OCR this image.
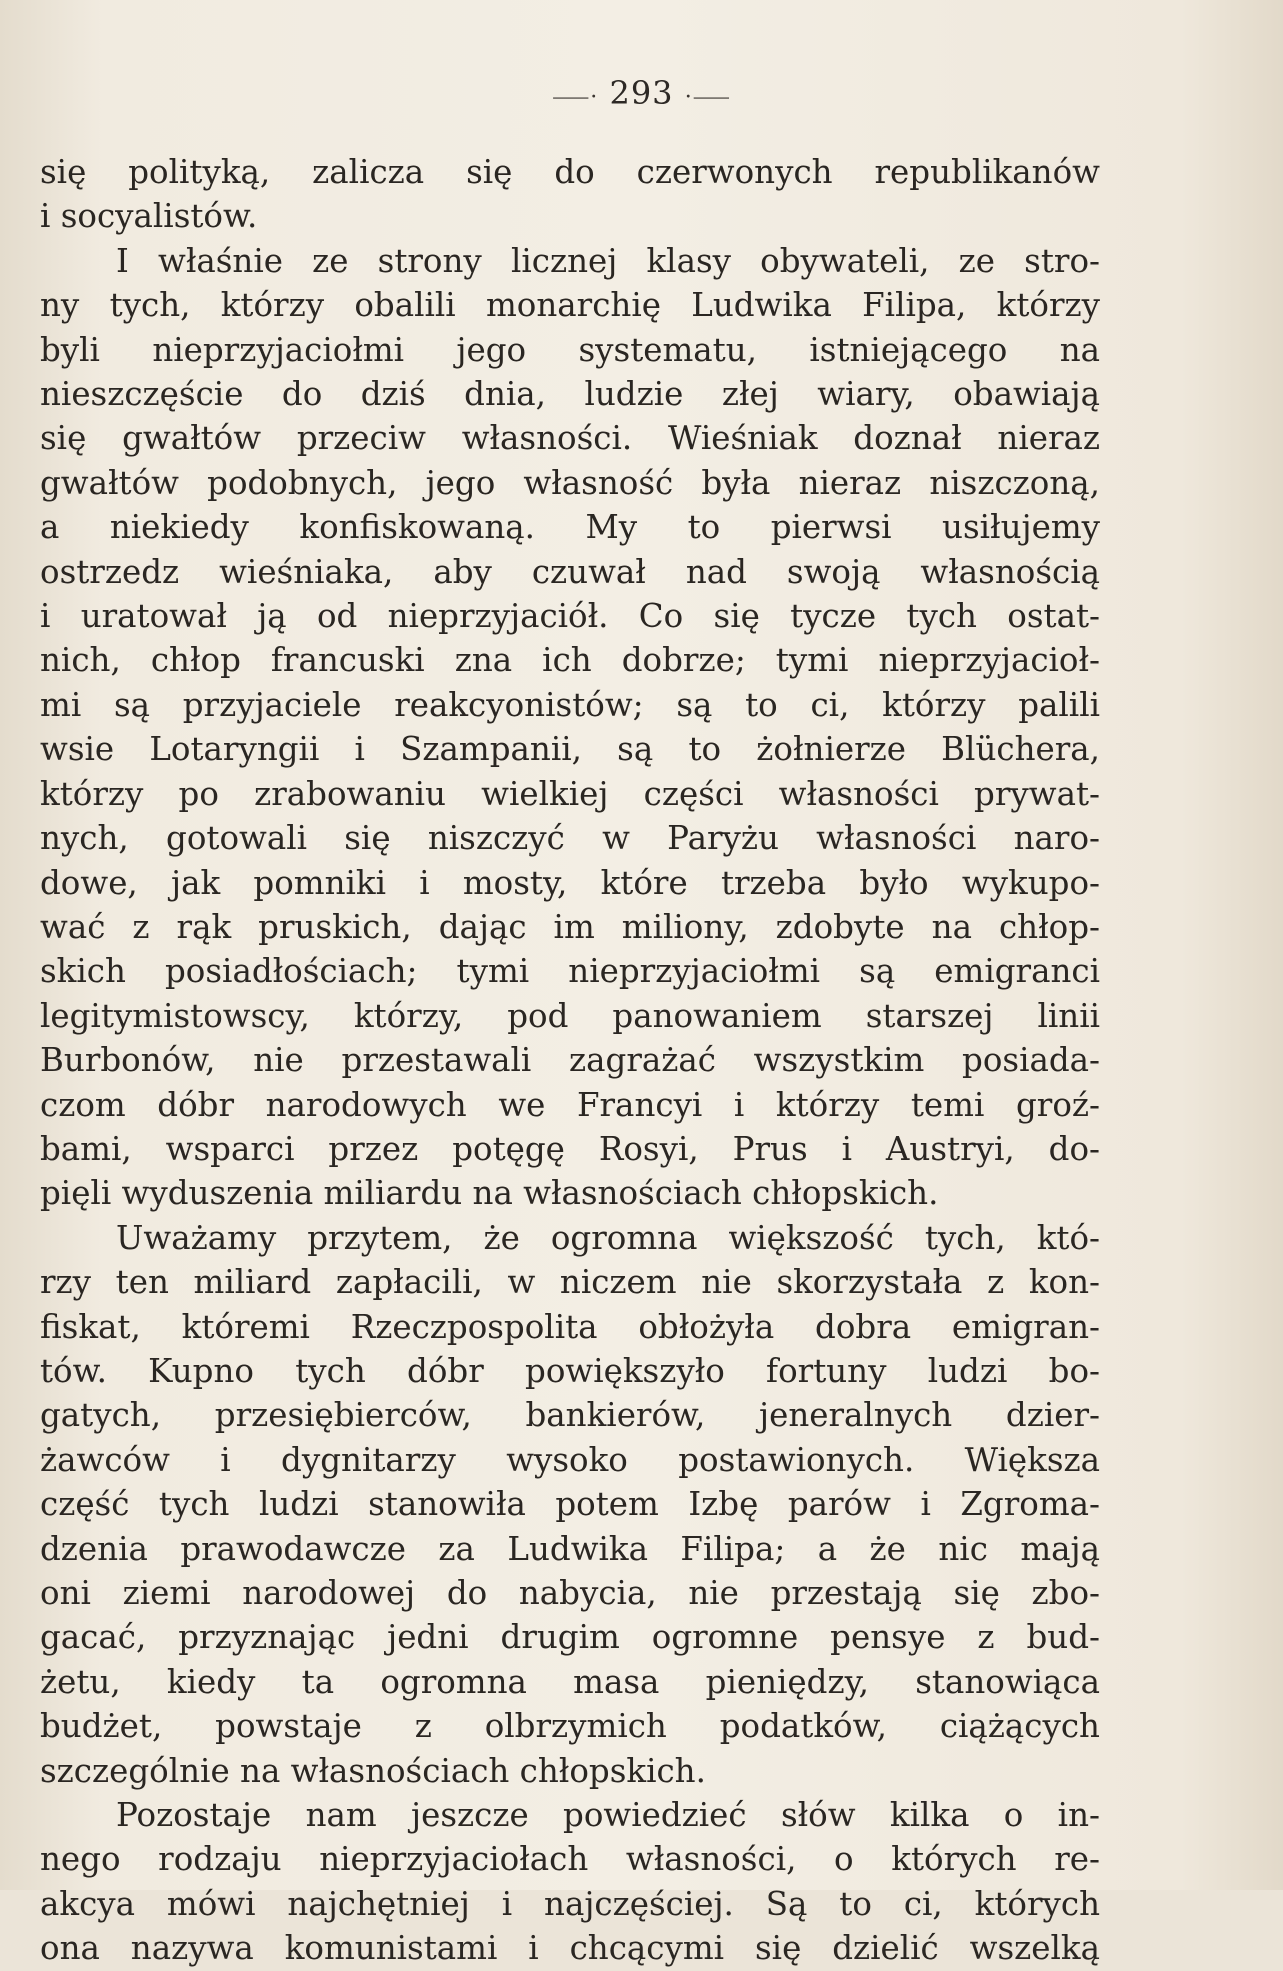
⸺· 293 ·⸺
się polityką, zalicza się do czerwonych republikanów
i socyalistów.
I właśnie ze strony licznej klasy obywateli, ze stro-
ny tych, którzy obalili monarchię Ludwika Filipa, którzy
byli nieprzyjaciołmi jego systematu, istniejącego na
nieszczęście do dziś dnia, ludzie złej wiary, obawiają
się gwałtów przeciw własności. Wieśniak doznał nieraz
gwałtów podobnych, jego własność była nieraz niszczoną,
a niekiedy konfiskowaną. My to pierwsi usiłujemy
ostrzedz wieśniaka, aby czuwał nad swoją własnością
i uratował ją od nieprzyjaciół. Co się tycze tych ostat-
nich, chłop francuski zna ich dobrze; tymi nieprzyjacioł-
mi są przyjaciele reakcyonistów; są to ci, którzy palili
wsie Lotaryngii i Szampanii, są to żołnierze Blüchera,
którzy po zrabowaniu wielkiej części własności prywat-
nych, gotowali się niszczyć w Paryżu własności naro-
dowe, jak pomniki i mosty, które trzeba było wykupo-
wać z rąk pruskich, dając im miliony, zdobyte na chłop-
skich posiadłościach; tymi nieprzyjaciołmi są emigranci
legitymistowscy, którzy, pod panowaniem starszej linii
Burbonów, nie przestawali zagrażać wszystkim posiada-
czom dóbr narodowych we Francyi i którzy temi groź-
bami, wsparci przez potęgę Rosyi, Prus i Austryi, do-
pięli wyduszenia miliardu na własnościach chłopskich.
Uważamy przytem, że ogromna większość tych, któ-
rzy ten miliard zapłacili, w niczem nie skorzystała z kon-
fiskat, któremi Rzeczpospolita obłożyła dobra emigran-
tów. Kupno tych dóbr powiększyło fortuny ludzi bo-
gatych, przesiębierców, bankierów, jeneralnych dzier-
żawców i dygnitarzy wysoko postawionych. Większa
część tych ludzi stanowiła potem Izbę parów i Zgroma-
dzenia prawodawcze za Ludwika Filipa; a że nic mają
oni ziemi narodowej do nabycia, nie przestają się zbo-
gacać, przyznając jedni drugim ogromne pensye z bud-
żetu, kiedy ta ogromna masa pieniędzy, stanowiąca
budżet, powstaje z olbrzymich podatków, ciążących
szczególnie na własnościach chłopskich.
Pozostaje nam jeszcze powiedzieć słów kilka o in-
nego rodzaju nieprzyjaciołach własności, o których re-
akcya mówi najchętniej i najczęściej. Są to ci, których
ona nazywa komunistami i chcącymi się dzielić wszelką
